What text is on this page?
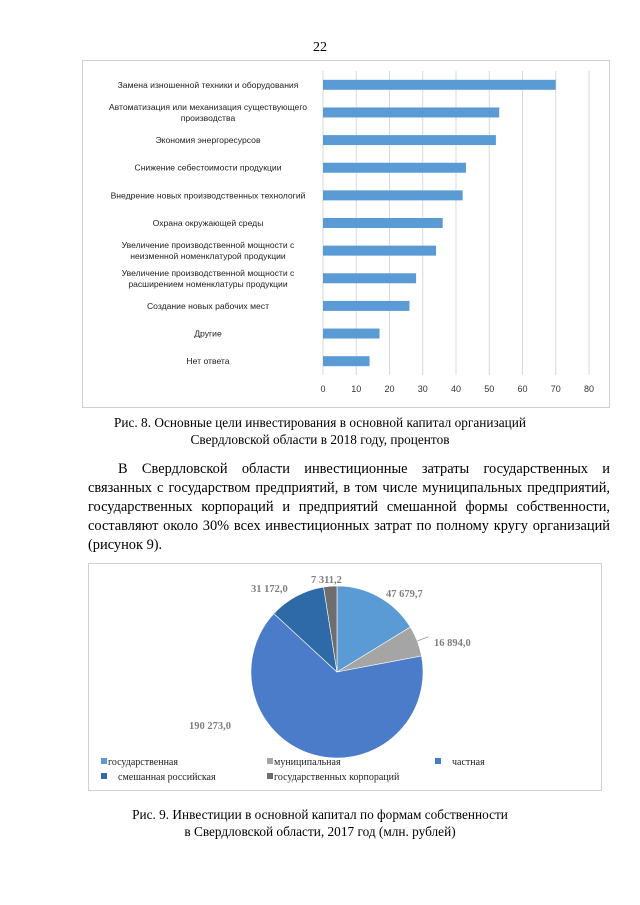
22
0	10	20	30	40	50	60	70	80
Замена изношенной техники и оборудования
Автоматизация или механизация существующего
производства
Экономия энергоресурсов
Снижение себестоимости продукции
Внедрение новых производственных технологий
Охрана окружающей среды
Увеличение производственной мощности с
неизменной номенклатурой продукции
Увеличение производственной мощности с
расширением номенклатуры продукции
Создание новых рабочих мест
Другие
Нет ответа
Рис. 8. Основные цели инвестирования в основной капитал организаций
Свердловской области в 2018 году, процентов

В Свердловской области инвестиционные затраты государственных и связанных с государством предприятий, в том числе муниципальных предприятий, государственных корпораций и предприятий смешанной формы собственности, составляют около 30% всех инвестиционных затрат по полному кругу организаций (рисунок 9).

47 679,7
16 894,0
190 273,0
31 172,0
7 311,2
государственная	муниципальная	частная
смешанная российская	государственных корпораций
Рис. 9. Инвестиции в основной капитал по формам собственности
в Свердловской области, 2017 год (млн. рублей)
